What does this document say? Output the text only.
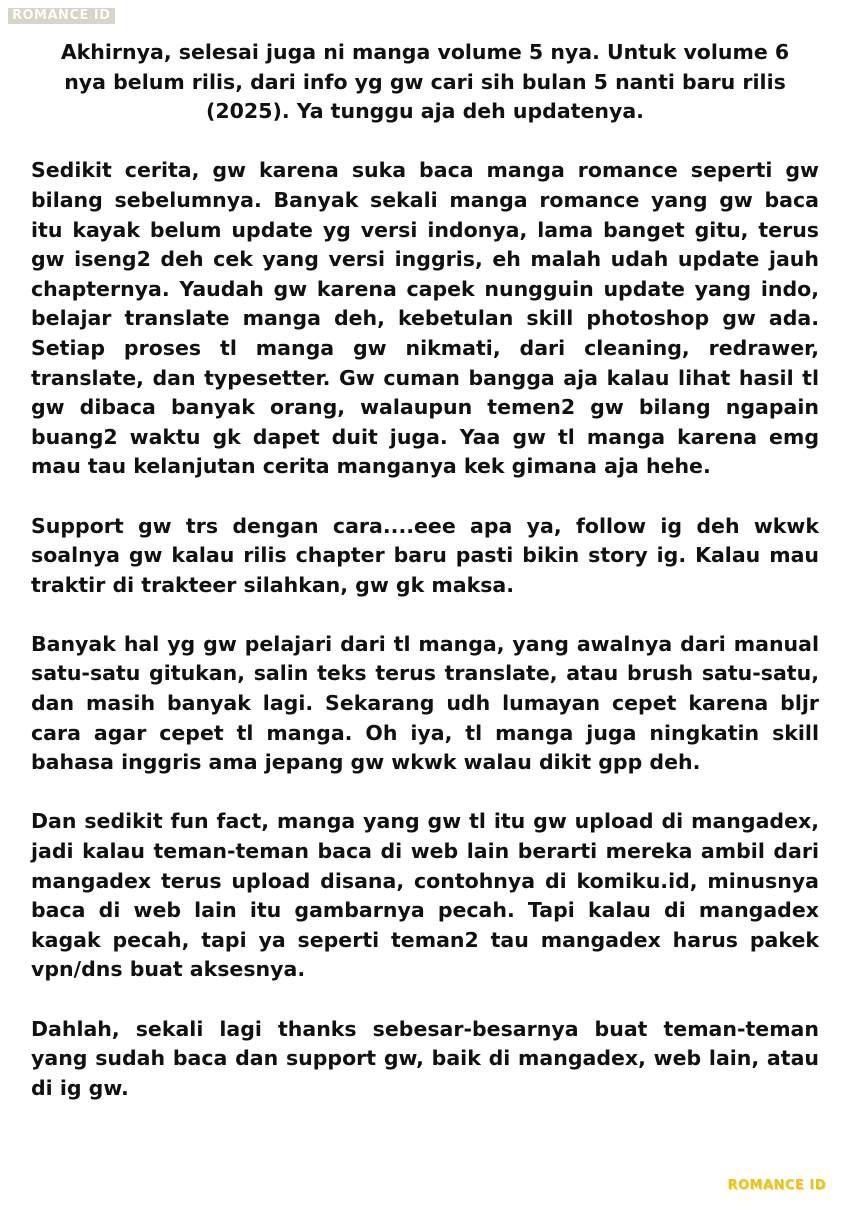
ROMANCE ID

Akhirnya, selesai juga ni manga volume 5 nya. Untuk volume 6 nya belum rilis, dari info yg gw cari sih bulan 5 nanti baru rilis (2025). Ya tunggu aja deh updatenya.

Sedikit cerita, gw karena suka baca manga romance seperti gw bilang sebelumnya. Banyak sekali manga romance yang gw baca itu kayak belum update yg versi indonya, lama banget gitu, terus gw iseng2 deh cek yang versi inggris, eh malah udah update jauh chapternya. Yaudah gw karena capek nungguin update yang indo, belajar translate manga deh, kebetulan skill photoshop gw ada. Setiap proses tl manga gw nikmati, dari cleaning, redrawer, translate, dan typesetter. Gw cuman bangga aja kalau lihat hasil tl gw dibaca banyak orang, walaupun temen2 gw bilang ngapain buang2 waktu gk dapet duit juga. Yaa gw tl manga karena emg mau tau kelanjutan cerita manganya kek gimana aja hehe.

Support gw trs dengan cara....eee apa ya, follow ig deh wkwk soalnya gw kalau rilis chapter baru pasti bikin story ig. Kalau mau traktir di trakteer silahkan, gw gk maksa.

Banyak hal yg gw pelajari dari tl manga, yang awalnya dari manual satu-satu gitukan, salin teks terus translate, atau brush satu-satu, dan masih banyak lagi. Sekarang udh lumayan cepet karena bljr cara agar cepet tl manga. Oh iya, tl manga juga ningkatin skill bahasa inggris ama jepang gw wkwk walau dikit gpp deh.

Dan sedikit fun fact, manga yang gw tl itu gw upload di mangadex, jadi kalau teman-teman baca di web lain berarti mereka ambil dari mangadex terus upload disana, contohnya di komiku.id, minusnya baca di web lain itu gambarnya pecah. Tapi kalau di mangadex kagak pecah, tapi ya seperti teman2 tau mangadex harus pakek vpn/dns buat aksesnya.

Dahlah, sekali lagi thanks sebesar-besarnya buat teman-teman yang sudah baca dan support gw, baik di mangadex, web lain, atau di ig gw.

ROMANCE ID
